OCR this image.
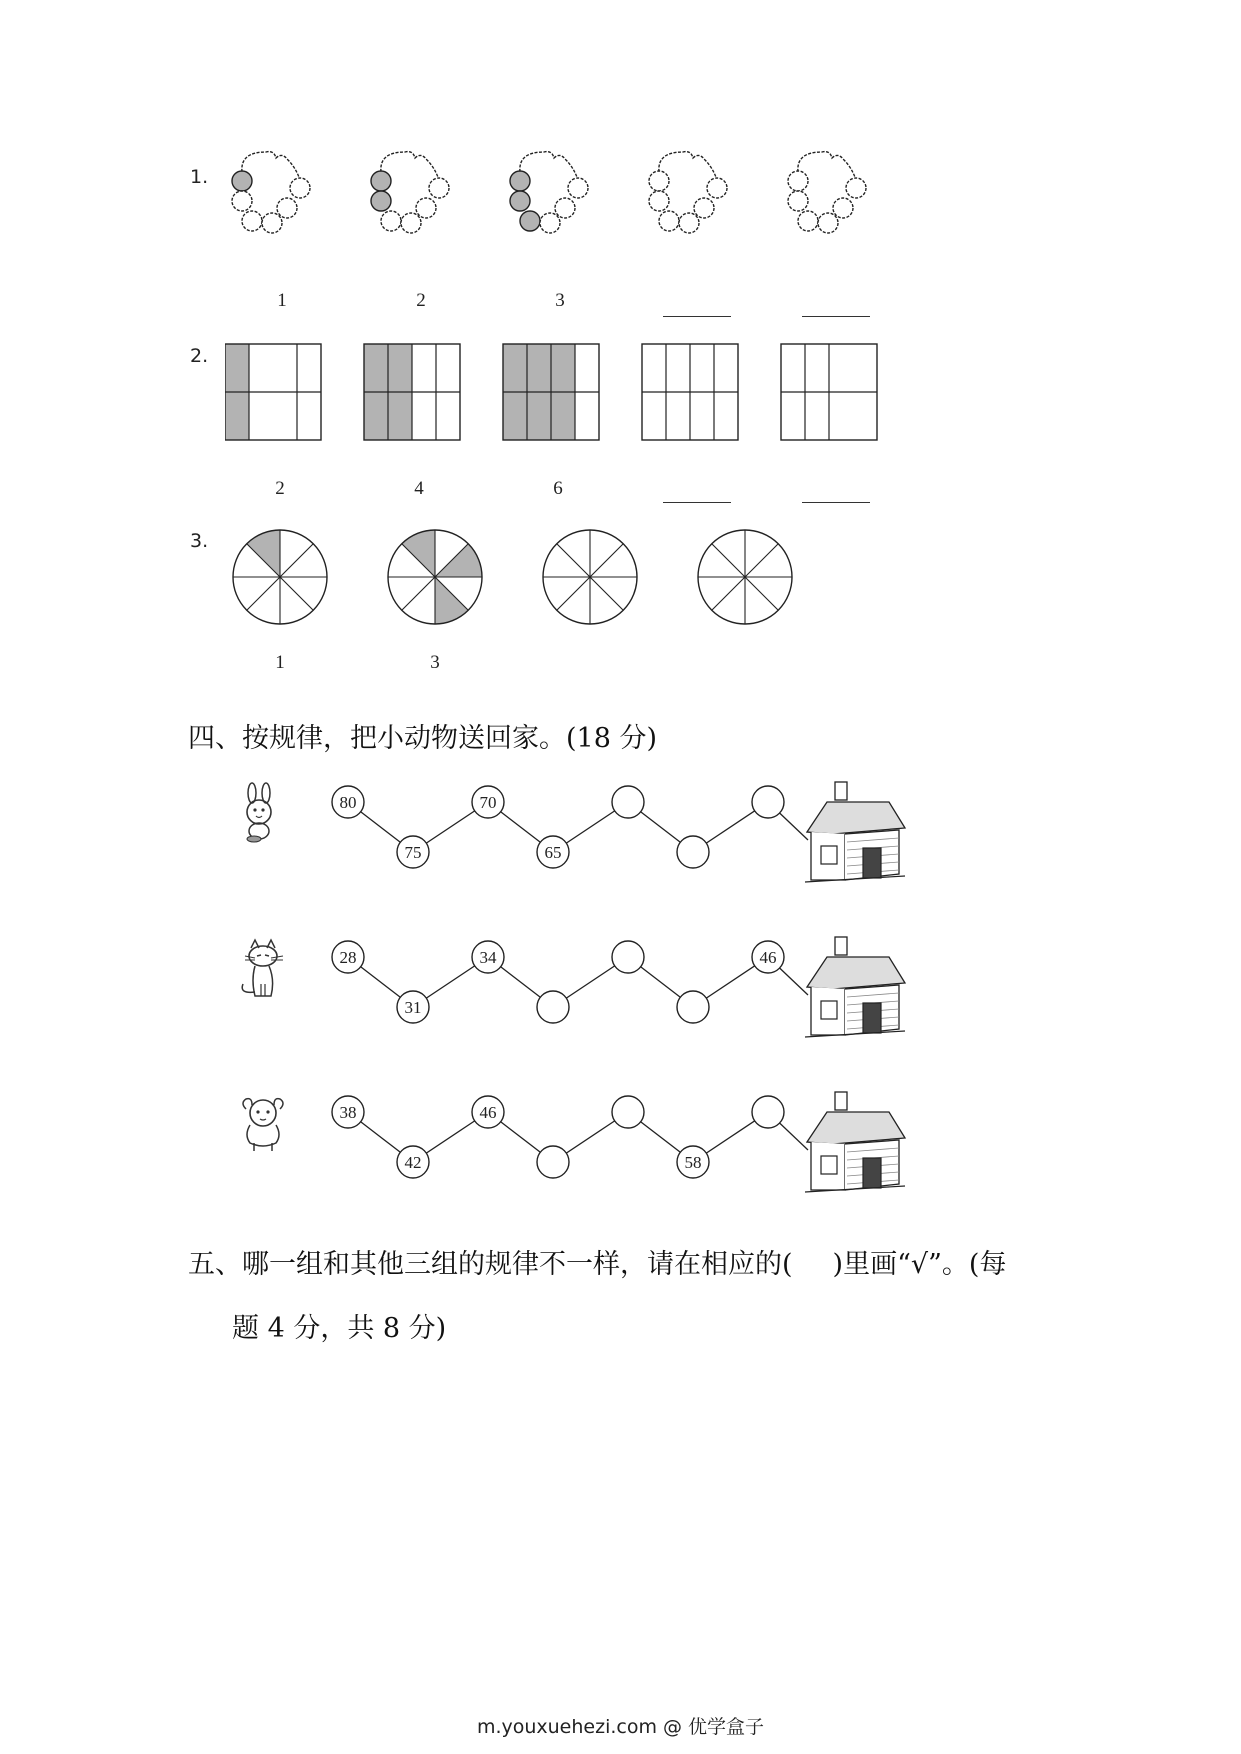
1.
1	2	3
2.
2	4	6
3.
1	3
四、按规律，把小动物送回家。(18 分)
80
75
70
65
28
31
34	46
38
42
46
58
五、哪一组和其他三组的规律不一样，请在相应的( )里画“√”。(每
题 4 分，共 8 分)
m.youxuehezi.com @ 优学盒子
